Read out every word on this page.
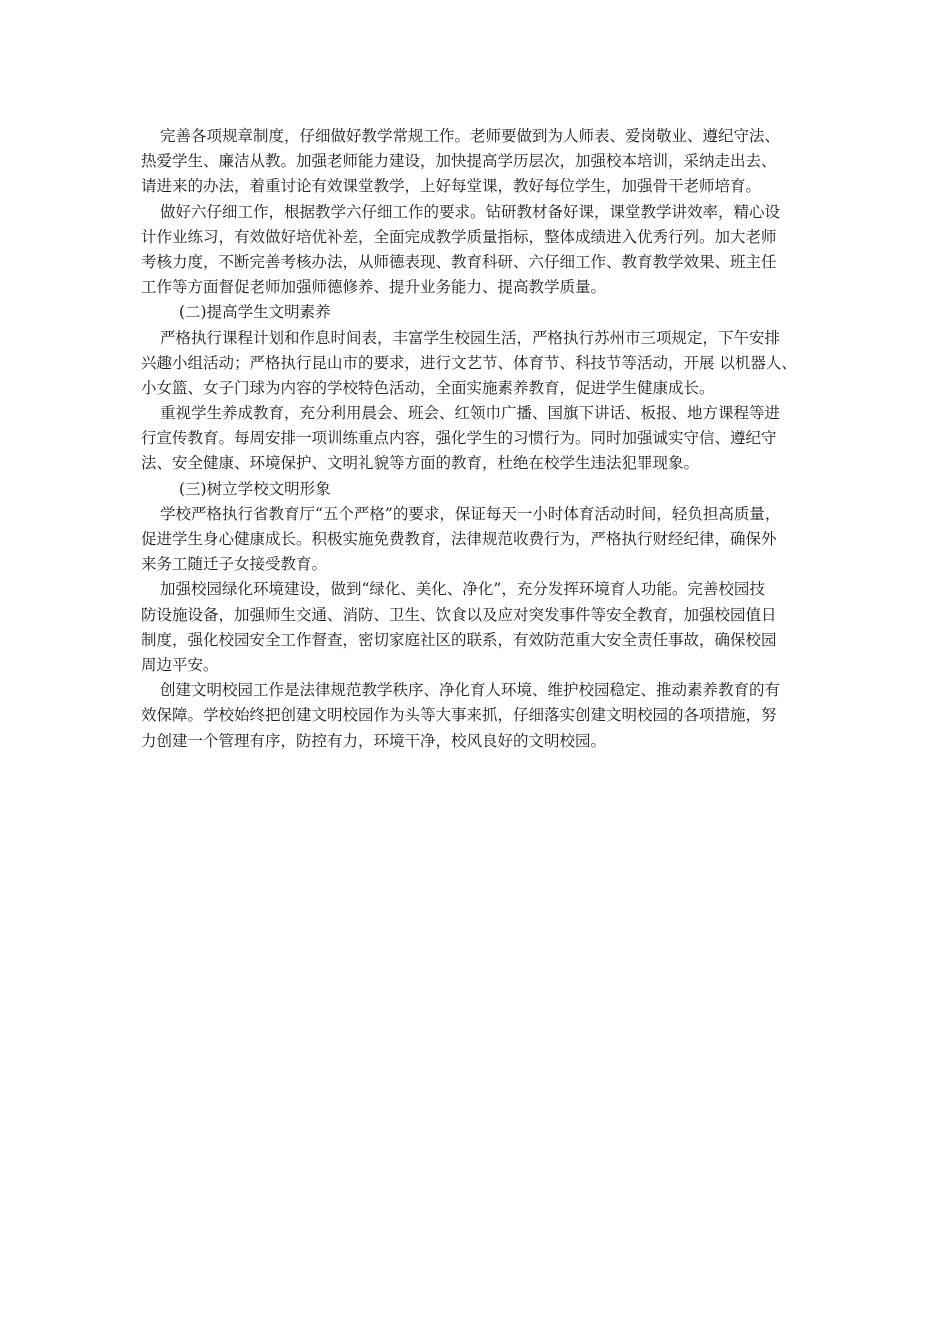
完善各项规章制度，仔细做好教学常规工作。老师要做到为人师表、爱岗敬业、遵纪守法、
热爱学生、廉洁从教。加强老师能力建设，加快提高学历层次，加强校本培训，采纳走出去、
请进来的办法，着重讨论有效课堂教学，上好每堂课，教好每位学生，加强骨干老师培育。
做好六仔细工作，根据教学六仔细工作的要求。钻研教材备好课，课堂教学讲效率，精心设
计作业练习，有效做好培优补差，全面完成教学质量指标，整体成绩进入优秀行列。加大老师
考核力度，不断完善考核办法，从师德表现、教育科研、六仔细工作、教育教学效果、班主任
工作等方面督促老师加强师德修养、提升业务能力、提高教学质量。
(二)提高学生文明素养
严格执行课程计划和作息时间表，丰富学生校园生活，严格执行苏州市三项规定，下午安排
兴趣小组活动；严格执行昆山市的要求，进行文艺节、体育节、科技节等活动，开展 以机器人、
小女篮、女子门球为内容的学校特色活动，全面实施素养教育，促进学生健康成长。
重视学生养成教育，充分利用晨会、班会、红领巾广播、国旗下讲话、板报、地方课程等进
行宣传教育。每周安排一项训练重点内容，强化学生的习惯行为。同时加强诚实守信、遵纪守
法、安全健康、环境保护、文明礼貌等方面的教育，杜绝在校学生违法犯罪现象。
(三)树立学校文明形象
学校严格执行省教育厅“五个严格”的要求，保证每天一小时体育活动时间，轻负担高质量，
促进学生身心健康成长。积极实施免费教育，法律规范收费行为，严格执行财经纪律，确保外
来务工随迁子女接受教育。
加强校园绿化环境建设，做到“绿化、美化、净化”，充分发挥环境育人功能。完善校园技
防设施设备，加强师生交通、消防、卫生、饮食以及应对突发事件等安全教育，加强校园值日
制度，强化校园安全工作督查，密切家庭社区的联系，有效防范重大安全责任事故，确保校园
周边平安。
创建文明校园工作是法律规范教学秩序、净化育人环境、维护校园稳定、推动素养教育的有
效保障。学校始终把创建文明校园作为头等大事来抓，仔细落实创建文明校园的各项措施，努
力创建一个管理有序，防控有力，环境干净，校风良好的文明校园。
